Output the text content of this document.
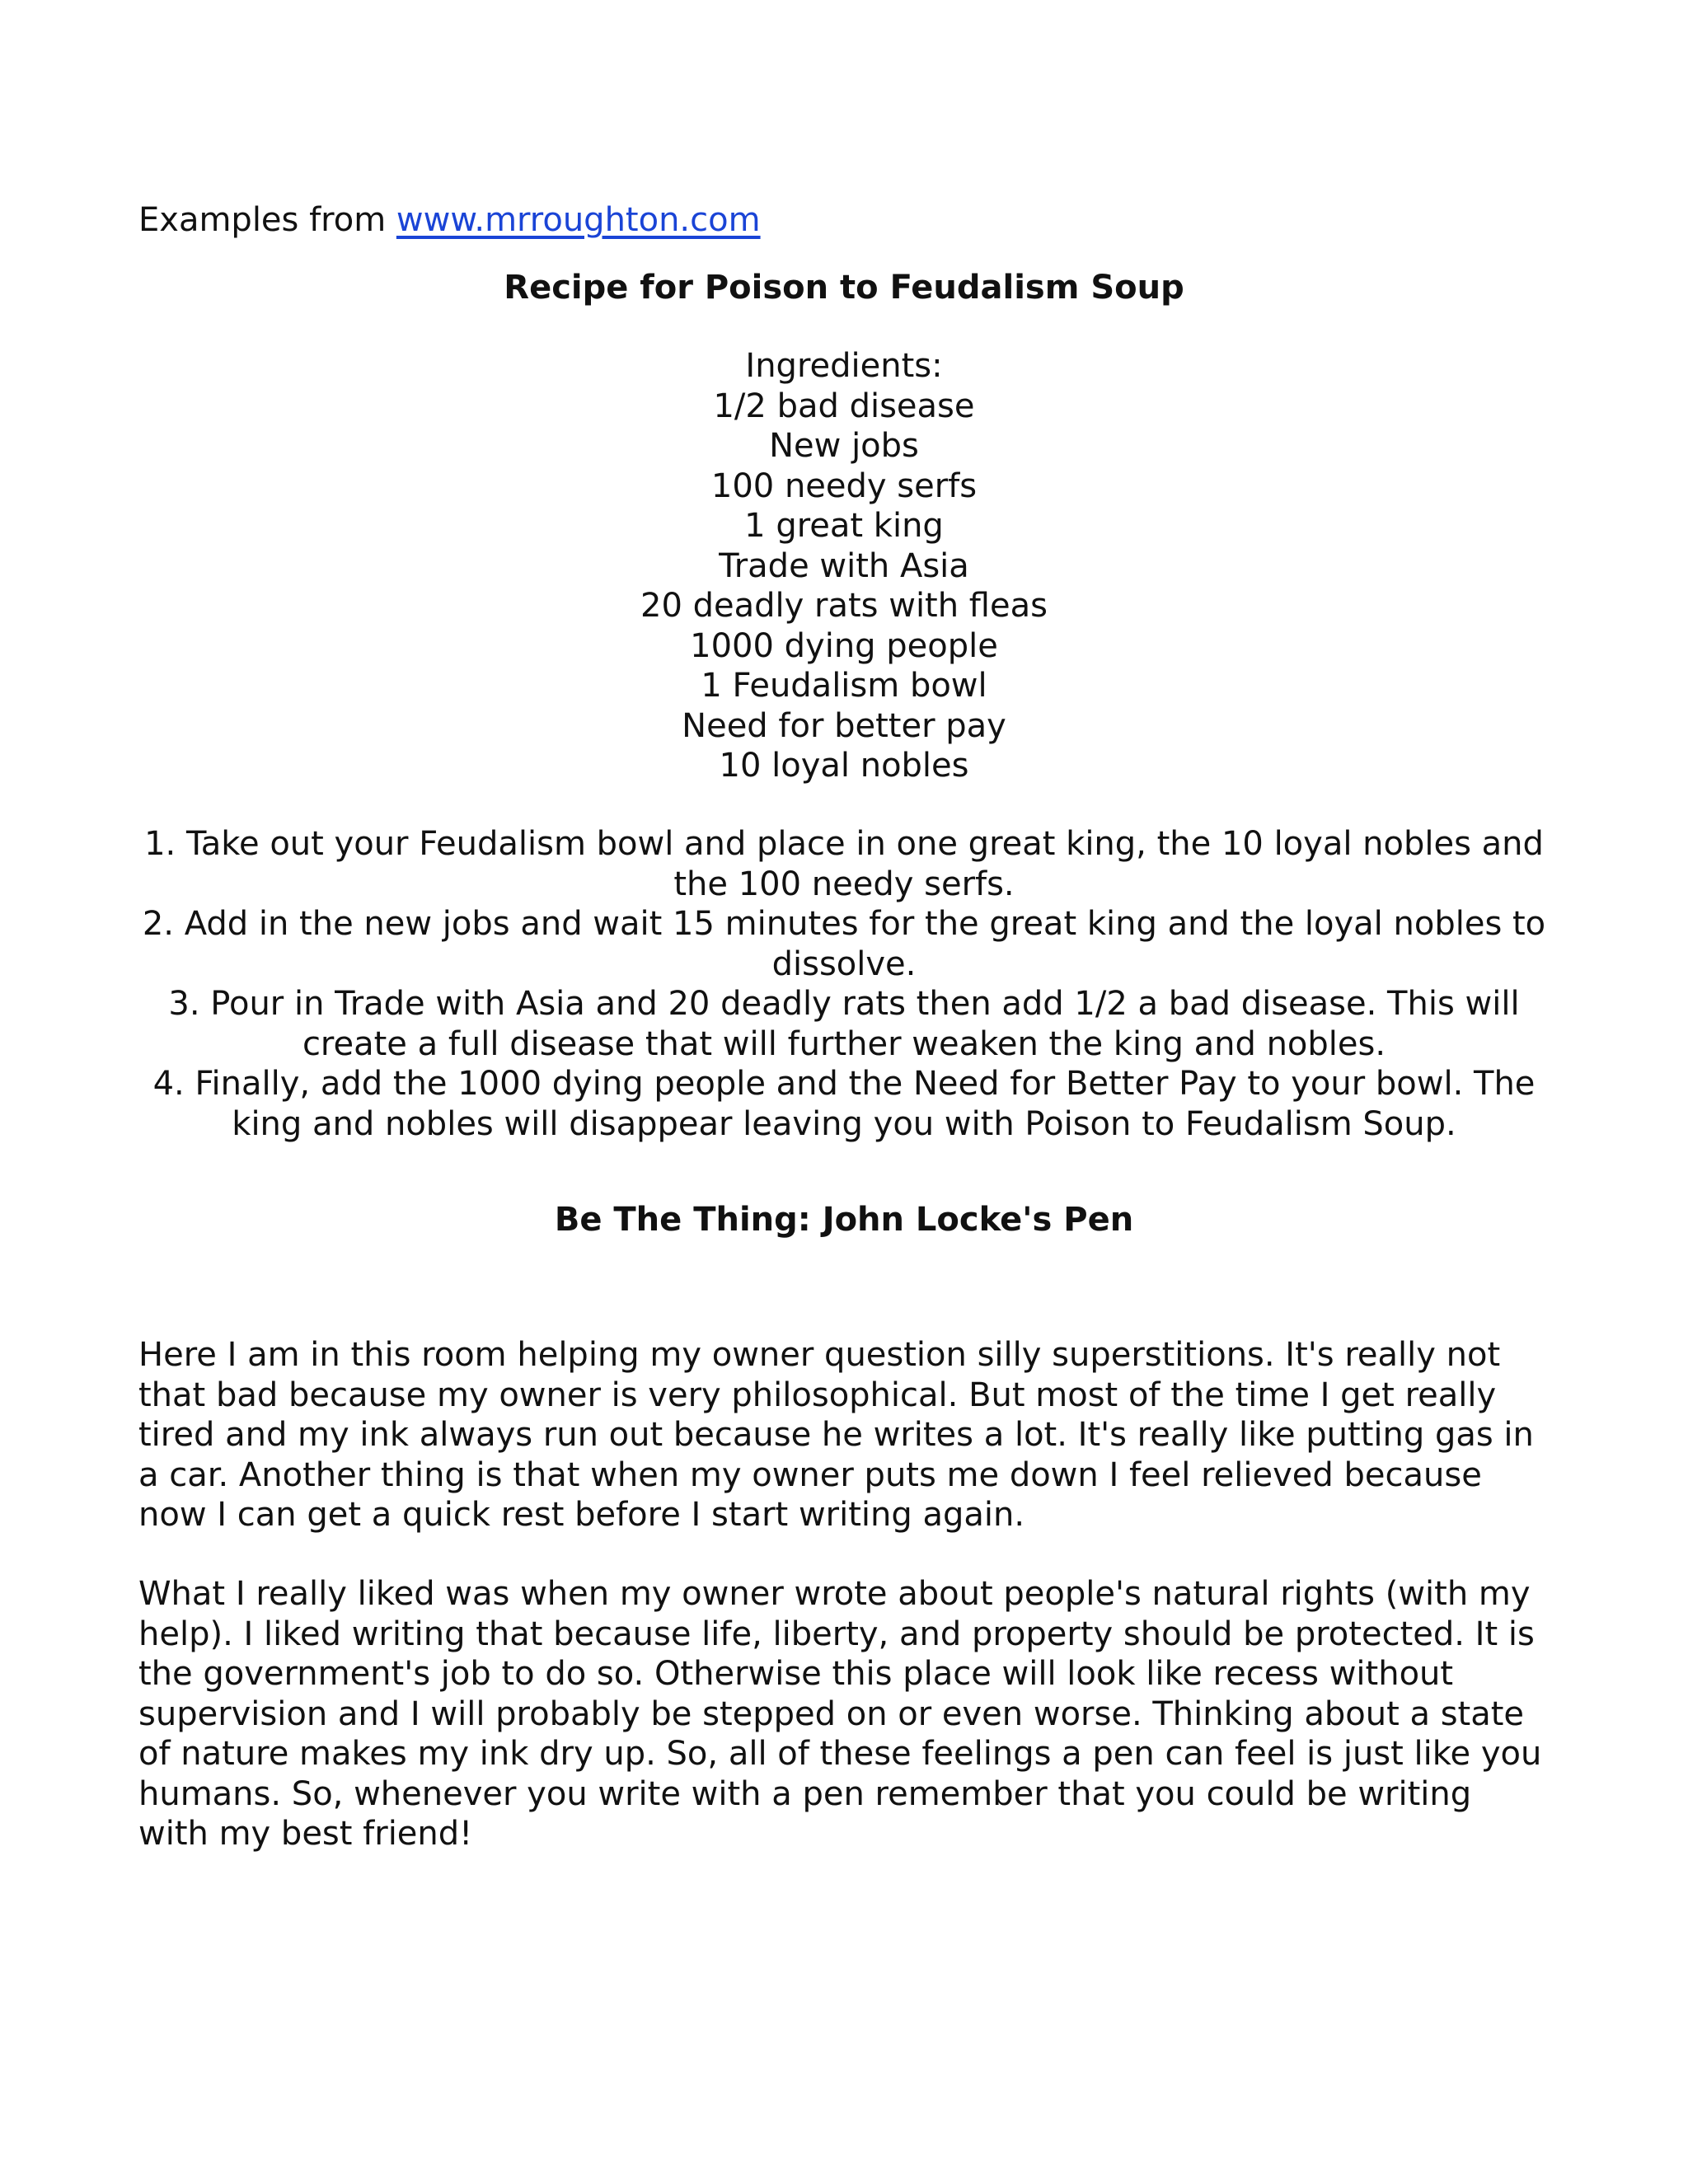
Examples from www.mrroughton.com
Recipe for Poison to Feudalism Soup
Ingredients:
1/2 bad disease
New jobs
100 needy serfs
1 great king
Trade with Asia
20 deadly rats with fleas
1000 dying people
1 Feudalism bowl
Need for better pay
10 loyal nobles
1. Take out your Feudalism bowl and place in one great king, the 10 loyal nobles and the 100 needy serfs.
2. Add in the new jobs and wait 15 minutes for the great king and the loyal nobles to dissolve.
3. Pour in Trade with Asia and 20 deadly rats then add 1/2 a bad disease. This will create a full disease that will further weaken the king and nobles.
4. Finally, add the 1000 dying people and the Need for Better Pay to your bowl. The king and nobles will disappear leaving you with Poison to Feudalism Soup.
Be The Thing: John Locke's Pen
Here I am in this room helping my owner question silly superstitions. It's really not that bad because my owner is very philosophical. But most of the time I get really tired and my ink always run out because he writes a lot. It's really like putting gas in a car. Another thing is that when my owner puts me down I feel relieved because now I can get a quick rest before I start writing again.
What I really liked was when my owner wrote about people's natural rights (with my help). I liked writing that because life, liberty, and property should be protected. It is the government's job to do so. Otherwise this place will look like recess without supervision and I will probably be stepped on or even worse. Thinking about a state of nature makes my ink dry up. So, all of these feelings a pen can feel is just like you humans. So, whenever you write with a pen remember that you could be writing with my best friend!
